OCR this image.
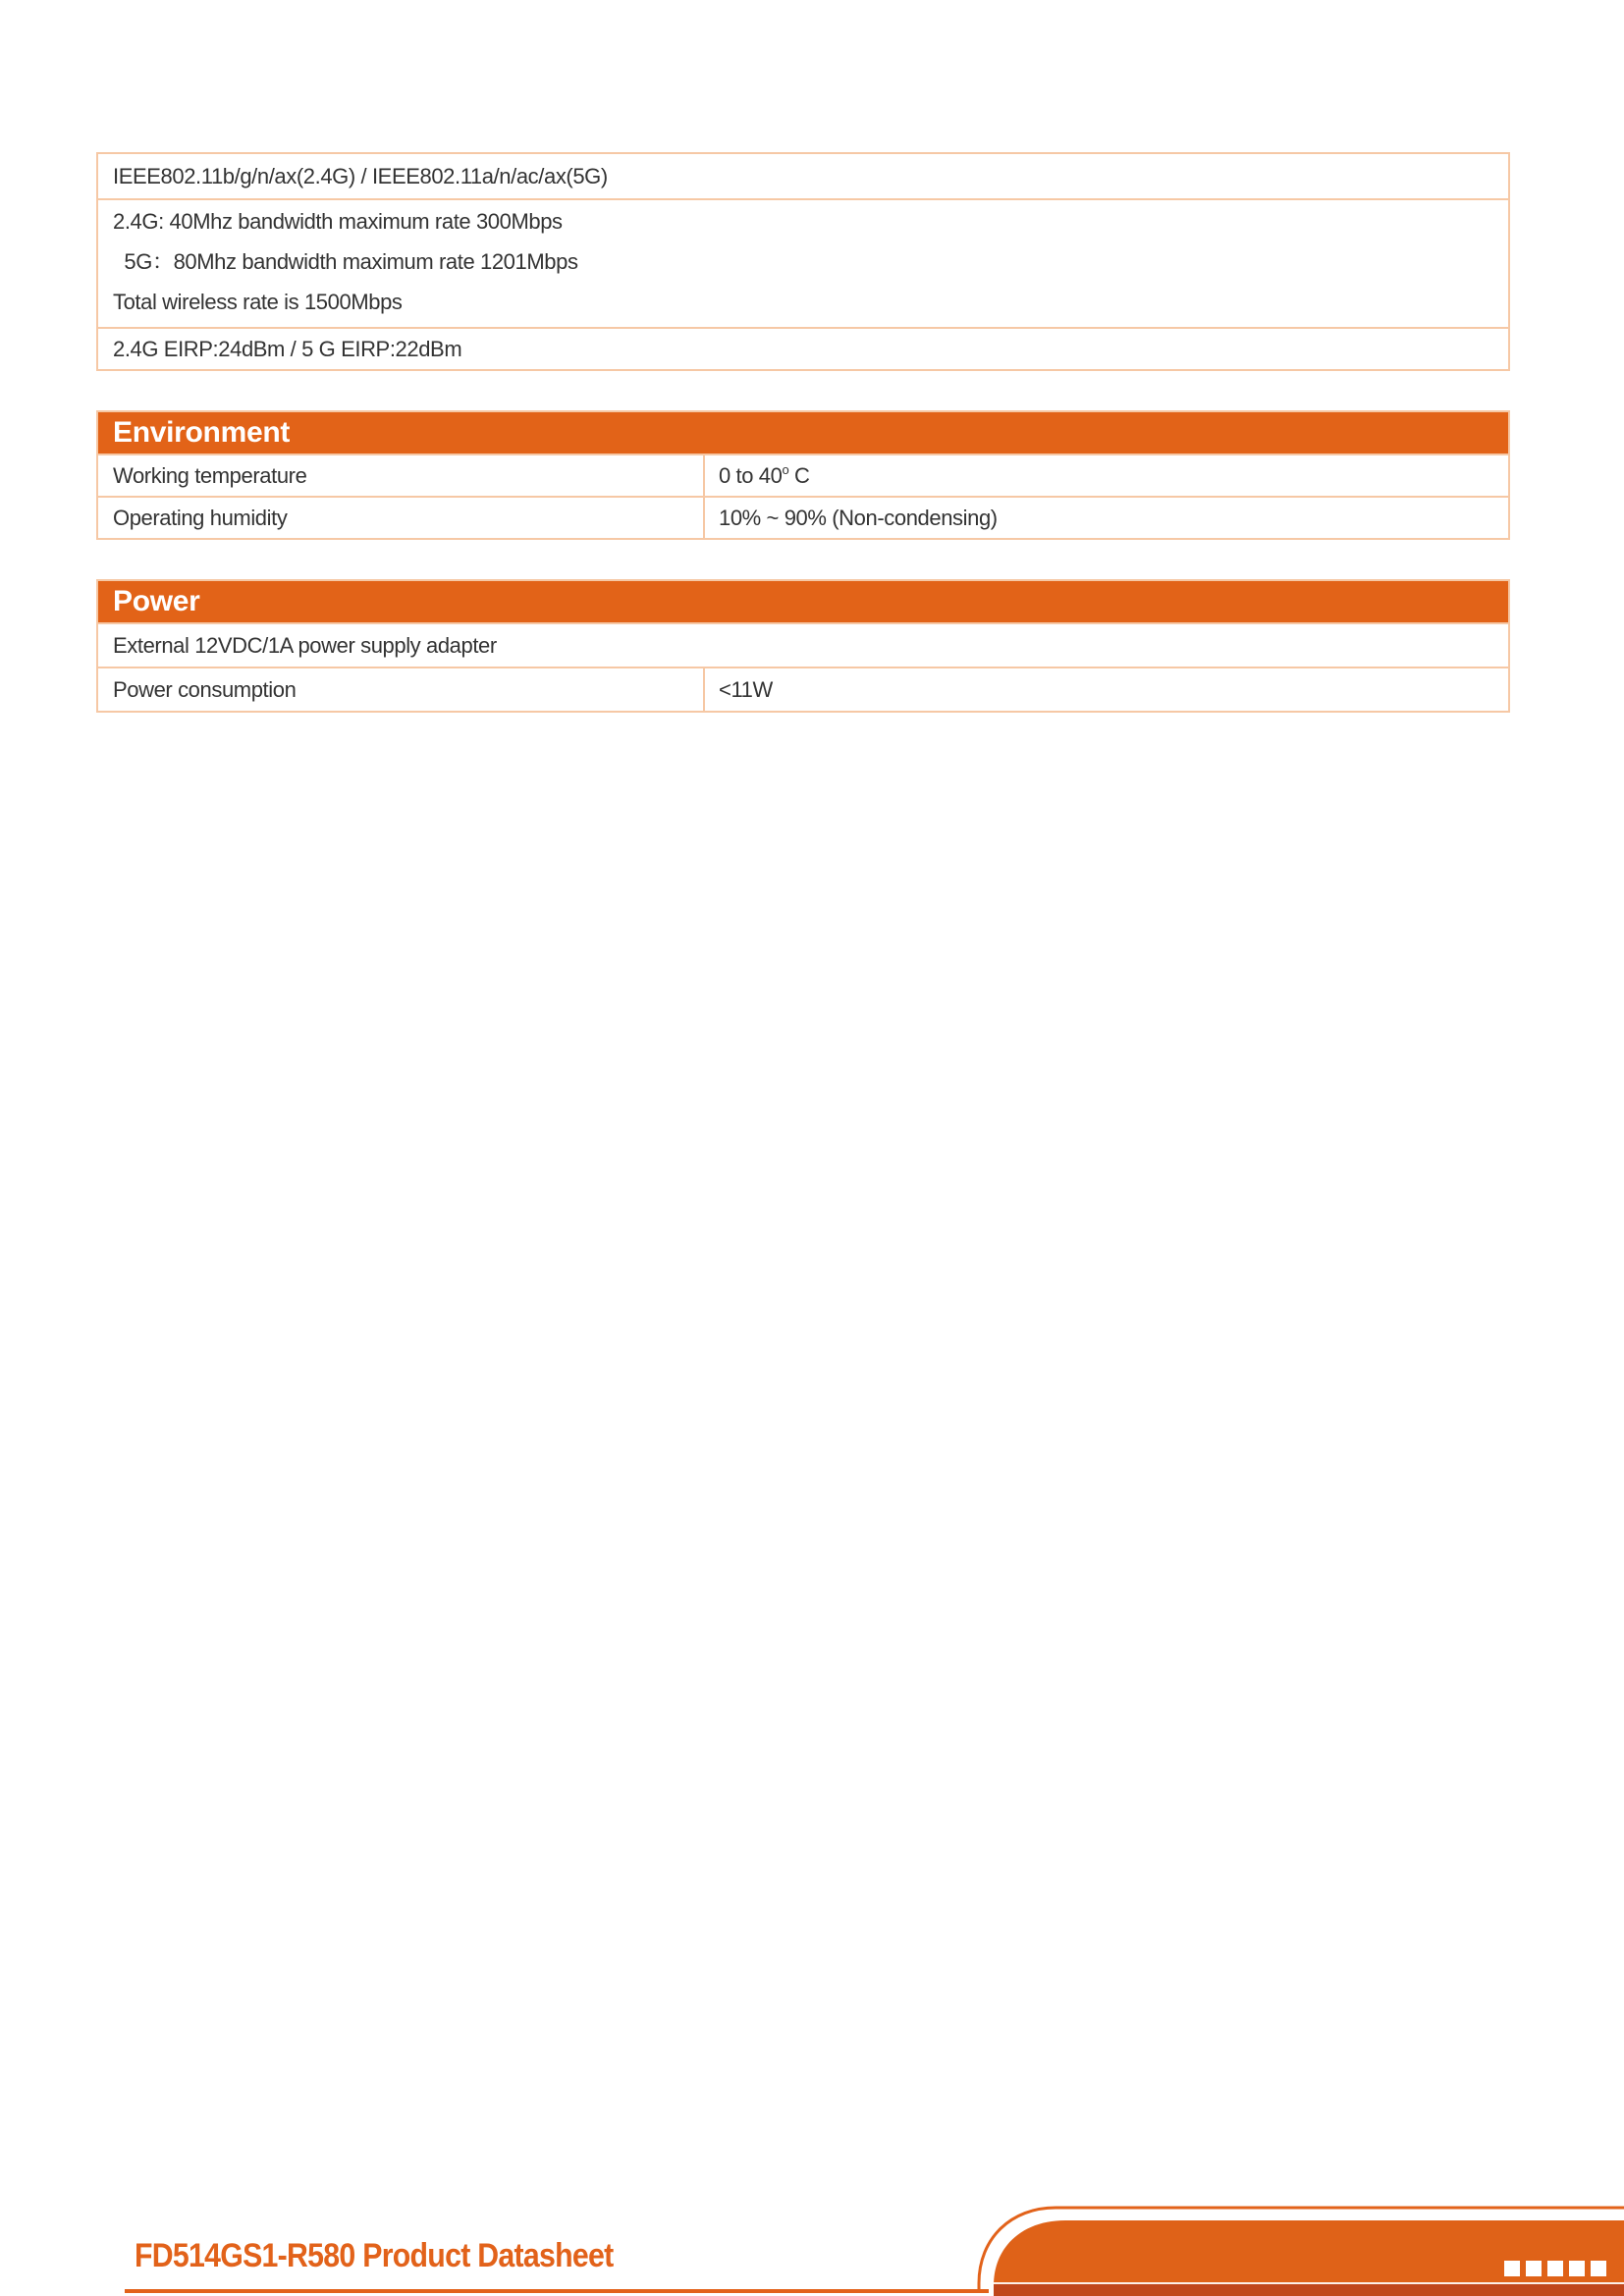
IEEE802.11b/g/n/ax(2.4G) / IEEE802.11a/n/ac/ax(5G)
2.4G: 40Mhz bandwidth maximum rate 300Mbps
5G：80Mhz bandwidth maximum rate 1201Mbps
Total wireless rate is 1500Mbps
2.4G EIRP:24dBm / 5 G EIRP:22dBm
Environment
Working temperature	0 to 40$^o$ C
Operating humidity	10% ~ 90% (Non-condensing)
Power
External 12VDC/1A power supply adapter
Power consumption	<11W
FD514GS1-R580 Product Datasheet
